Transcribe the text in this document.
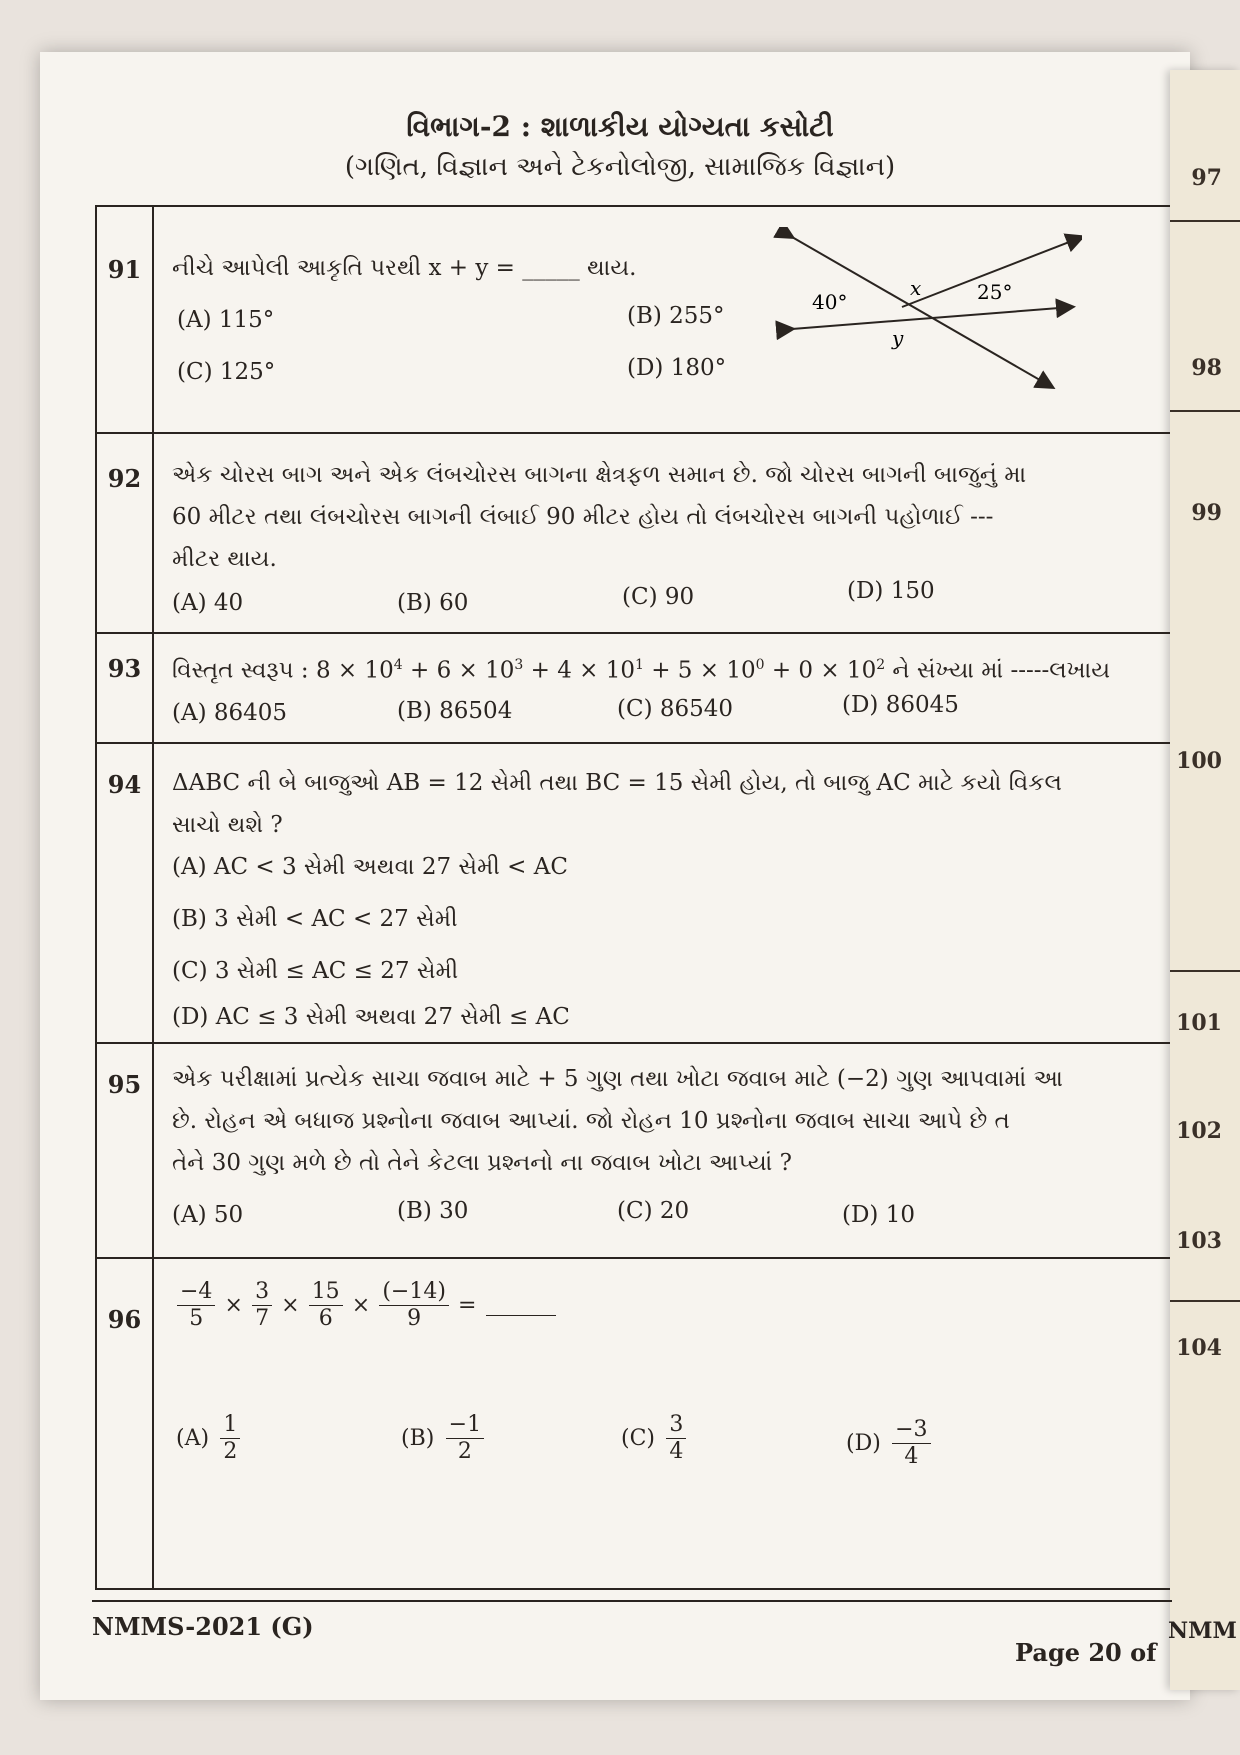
97
98
99
100
101
102
103
104
વિભાગ-2 : શાળાકીય યોગ્યતા કસોટી
(ગણિત, વિજ્ઞાન અને ટેકનોલોજી, સામાજિક વિજ્ઞાન)
91	નીચે આપેલી આકૃતિ પરથી x + y = _____ થાય.
(A) 115°	(B) 255°
(C) 125°	(D) 180°
40°	25°
x
y
92	એક ચોરસ બાગ અને એક લંબચોરસ બાગના ક્ષેત્રફળ સમાન છે. જો ચોરસ બાગની બાજુનું મા
60 મીટર તથા લંબચોરસ બાગની લંબાઈ 90 મીટર હોય તો લંબચોરસ બાગની પહોળાઈ ---
મીટર થાય.
(A) 40	(B) 60	(C) 90	(D) 150
93	વિસ્તૃત સ્વરૂપ : $8 \times 10^4 + 6 \times 10^3 + 4 \times 10^1 + 5 \times 10^0 + 0 \times 10^2$ ને સંખ્યા માં -----લખાય
(A) 86405	(B) 86504	(C) 86540	(D) 86045
94	ΔABC ની બે બાજુઓ AB = 12 સેમી તથા BC = 15 સેમી હોય, તો બાજુ AC માટે કયો વિકલ
સાચો થશે ?
(A) AC < 3 સેમી અથવા 27 સેમી < AC
(B) 3 સેમી < AC < 27 સેમી
(C) 3 સેમી ≤ AC ≤ 27 સેમી
(D) AC ≤ 3 સેમી અથવા 27 સેમી ≤ AC
95	એક પરીક્ષામાં પ્રત્યેક સાચા જવાબ માટે + 5 ગુણ તથા ખોટા જવાબ માટે (−2) ગુણ આપવામાં આ
છે. રોહન એ બધાજ પ્રશ્નોના જવાબ આપ્યાં. જો રોહન 10 પ્રશ્નોના જવાબ સાચા આપે છે ત
તેને 30 ગુણ મળે છે તો તેને કેટલા પ્રશ્નનો ના જવાબ ખોટા આપ્યાં ?
(A) 50	(B) 30	(C) 20	(D) 10
96	$\frac{-4}{5} \times \frac{3}{7} \times \frac{15}{6} \times \frac{(-14)}{9}$ =
$(A) \frac{1}{2}$	$(B) \frac{-1}{2}$	$(C) \frac{3}{4}$	$(D) \frac{-3}{4}$
NMMS-2021 (G)
Page 20 of
NMM
